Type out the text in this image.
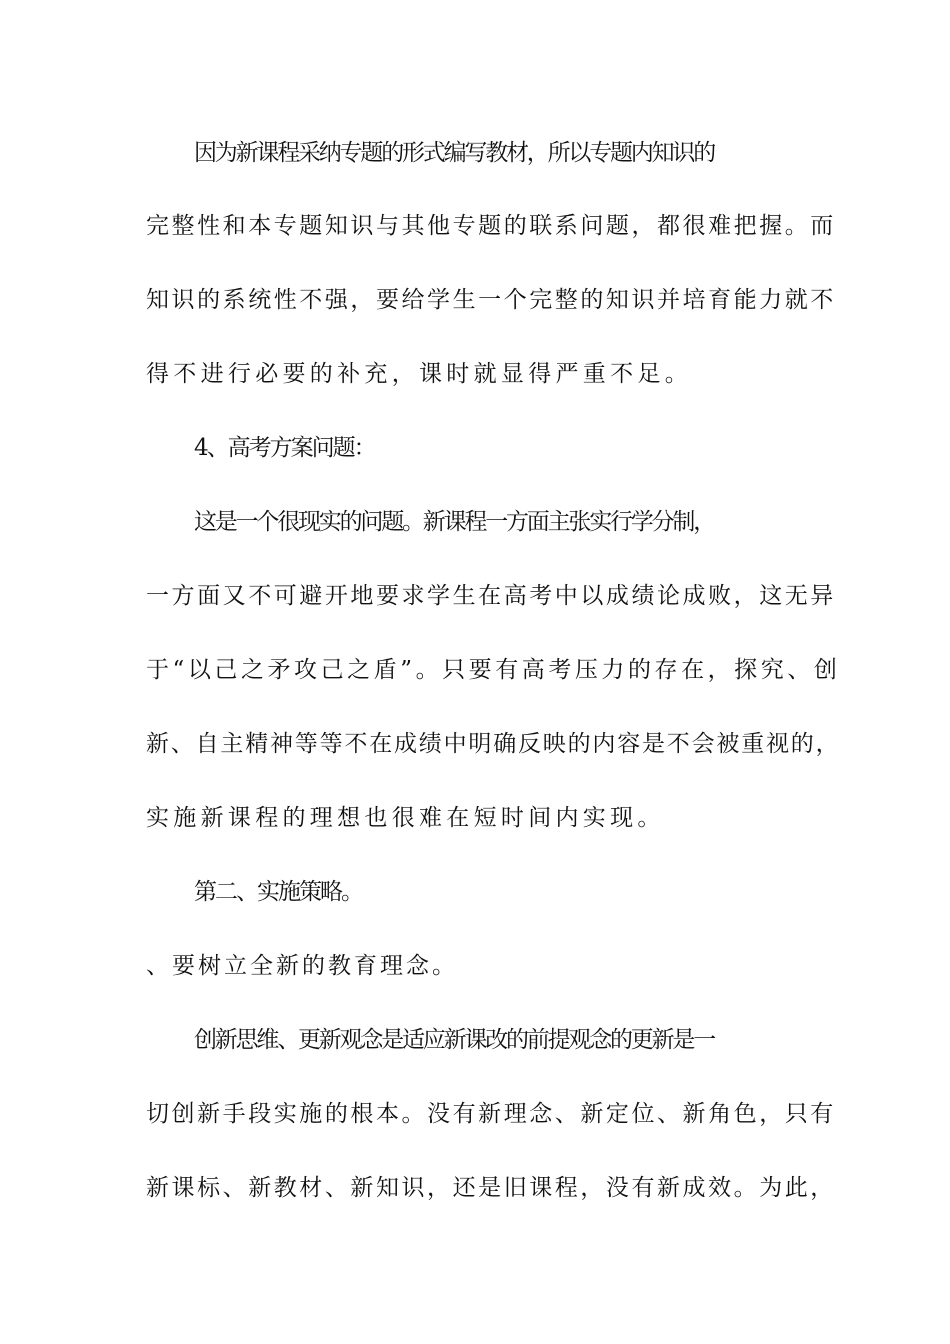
因为新课程采纳专题的形式编写教材，所以专题内知识的
完整性和本专题知识与其他专题的联系问题，都很难把握。而
知识的系统性不强，要给学生一个完整的知识并培育能力就不
得不进行必要的补充，课时就显得严重不足。
4、高考方案问题：
这是一个很现实的问题。新课程一方面主张实行学分制，
一方面又不可避开地要求学生在高考中以成绩论成败，这无异
于“以己之矛攻己之盾”。只要有高考压力的存在，探究、创
新、自主精神等等不在成绩中明确反映的内容是不会被重视的，
实施新课程的理想也很难在短时间内实现。
第二、实施策略。
、要树立全新的教育理念。
创新思维、更新观念是适应新课改的前提观念的更新是一
切创新手段实施的根本。没有新理念、新定位、新角色，只有
新课标、新教材、新知识，还是旧课程，没有新成效。为此，
